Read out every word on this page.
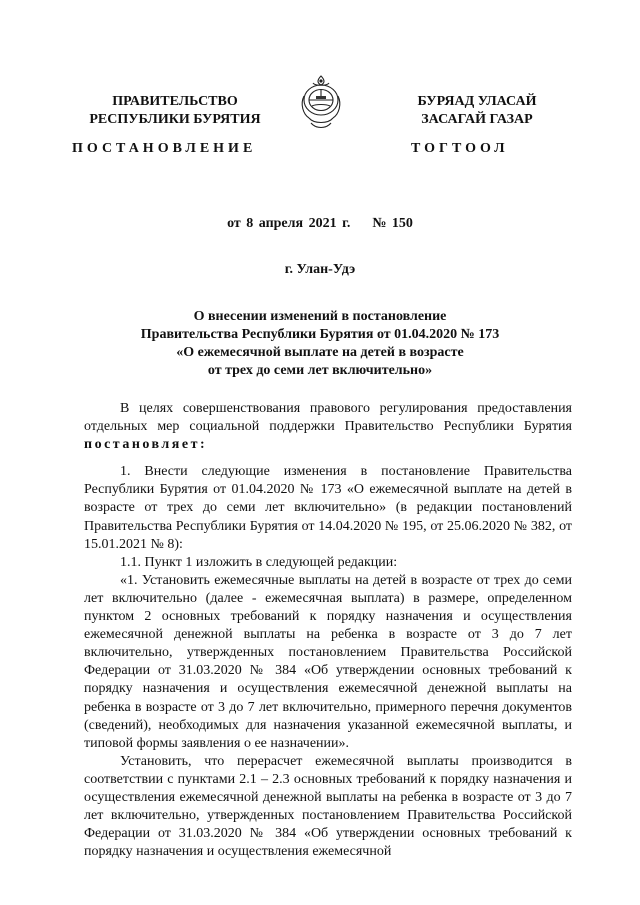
ПРАВИТЕЛЬСТВО
РЕСПУБЛИКИ БУРЯТИЯ
ПОСТАНОВЛЕНИЕ
БУРЯАД УЛАСАЙ
ЗАСАГАЙ ГАЗАР
ТОГТООЛ
от 8 апреля 2021 г.    № 150
г. Улан-Удэ
О внесении изменений в постановление
Правительства Республики Бурятия от 01.04.2020 № 173
«О ежемесячной выплате на детей в возрасте
от трех до семи лет включительно»

В целях совершенствования правового регулирования предоставления отдельных мер социальной поддержки Правительство Республики Бурятия постановляет:

1. Внести следующие изменения в постановление Правительства Республики Бурятия от 01.04.2020 № 173 «О ежемесячной выплате на детей в возрасте от трех до семи лет включительно» (в редакции постановлений Правительства Республики Бурятия от 14.04.2020 № 195, от 25.06.2020 № 382, от 15.01.2021 № 8):

1.1. Пункт 1 изложить в следующей редакции:

«1. Установить ежемесячные выплаты на детей в возрасте от трех до семи лет включительно (далее - ежемесячная выплата) в размере, определенном пунктом 2 основных требований к порядку назначения и осуществления ежемесячной денежной выплаты на ребенка в возрасте от 3 до 7 лет включительно, утвержденных постановлением Правительства Российской Федерации от 31.03.2020 № 384 «Об утверждении основных требований к порядку назначения и осуществления ежемесячной денежной выплаты на ребенка в возрасте от 3 до 7 лет включительно, примерного перечня документов (сведений), необходимых для назначения указанной ежемесячной выплаты, и типовой формы заявления о ее назначении».

Установить, что перерасчет ежемесячной выплаты производится в соответствии с пунктами 2.1 – 2.3 основных требований к порядку назначения и осуществления ежемесячной денежной выплаты на ребенка в возрасте от 3 до 7 лет включительно, утвержденных постановлением Правительства Российской Федерации от 31.03.2020 № 384 «Об утверждении основных требований к порядку назначения и осуществления ежемесячной
